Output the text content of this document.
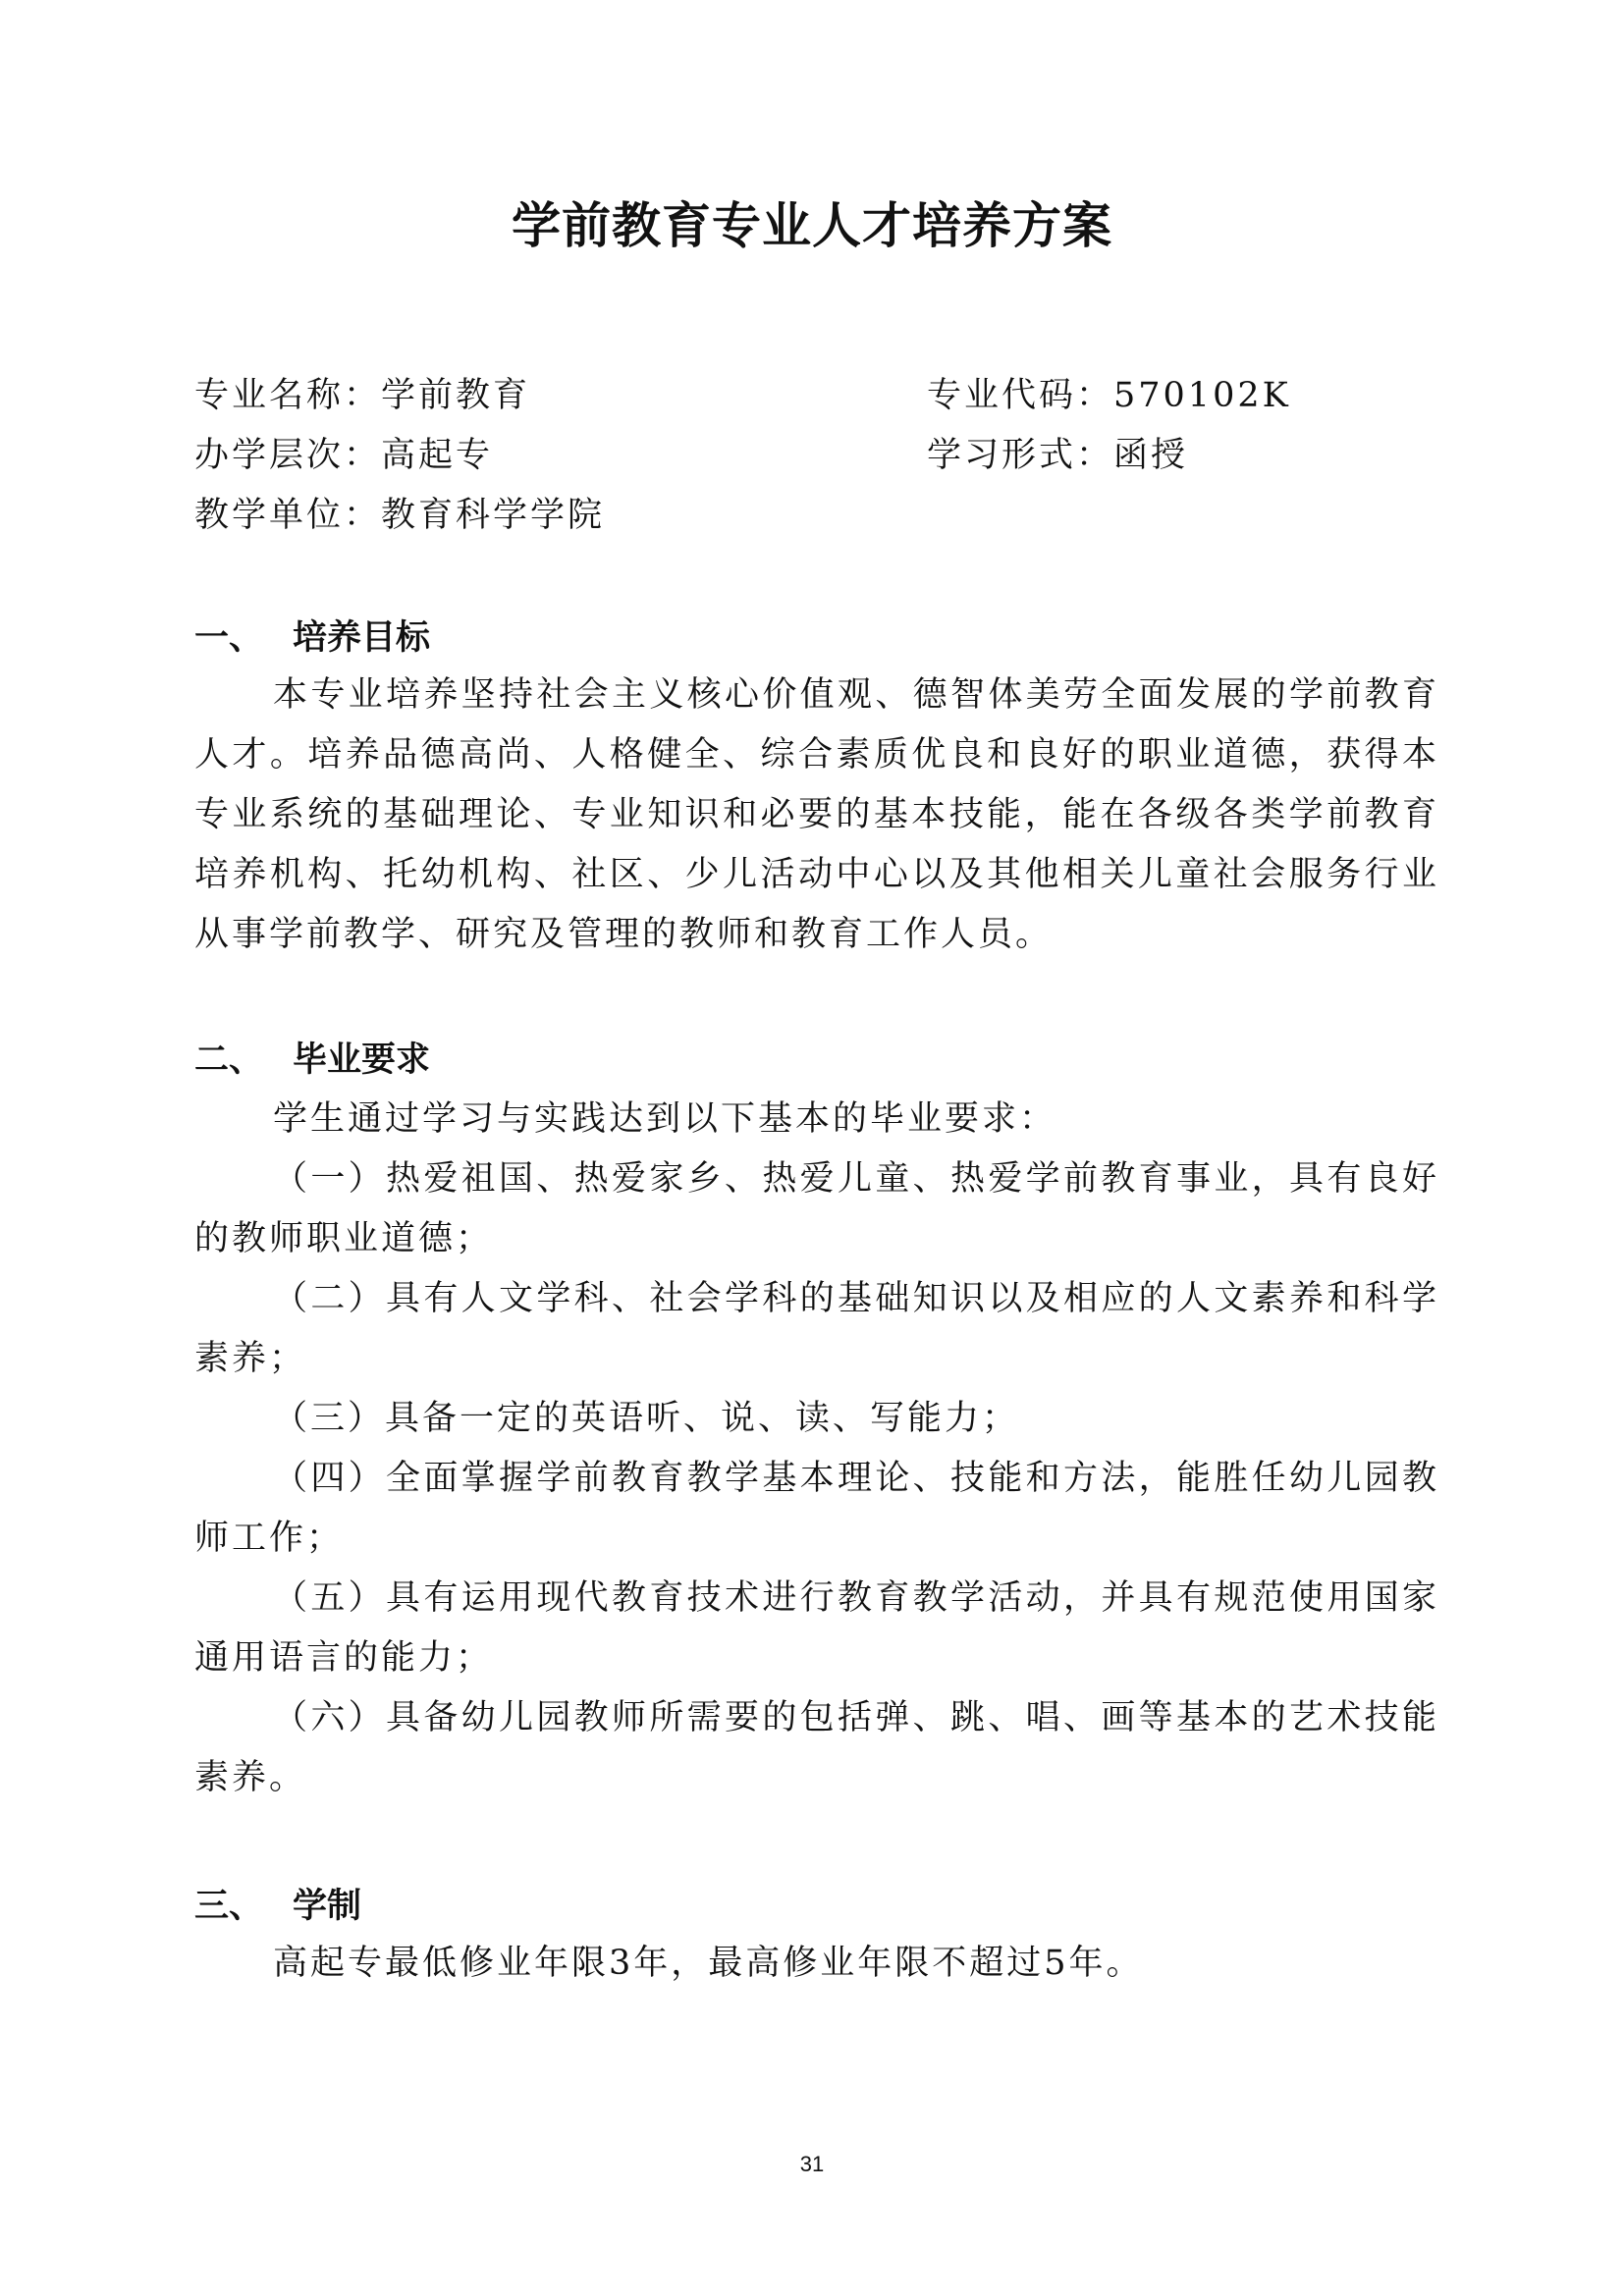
学前教育专业人才培养方案
专业名称：学前教育	专业代码：570102K
办学层次：高起专	学习形式：函授
教学单位：教育科学学院
一、 培养目标

本专业培养坚持社会主义核心价值观、德智体美劳全面发展的学前教育人才。培养品德高尚、人格健全、综合素质优良和良好的职业道德，获得本专业系统的基础理论、专业知识和必要的基本技能，能在各级各类学前教育培养机构、托幼机构、社区、少儿活动中心以及其他相关儿童社会服务行业从事学前教学、研究及管理的教师和教育工作人员。

二、 毕业要求

学生通过学习与实践达到以下基本的毕业要求：

（一）热爱祖国、热爱家乡、热爱儿童、热爱学前教育事业，具有良好的教师职业道德；

（二）具有人文学科、社会学科的基础知识以及相应的人文素养和科学素养；

（三）具备一定的英语听、说、读、写能力；

（四）全面掌握学前教育教学基本理论、技能和方法，能胜任幼儿园教师工作；

（五）具有运用现代教育技术进行教育教学活动，并具有规范使用国家通用语言的能力；

（六）具备幼儿园教师所需要的包括弹、跳、唱、画等基本的艺术技能素养。

三、 学制

高起专最低修业年限3年，最高修业年限不超过5年。

31
